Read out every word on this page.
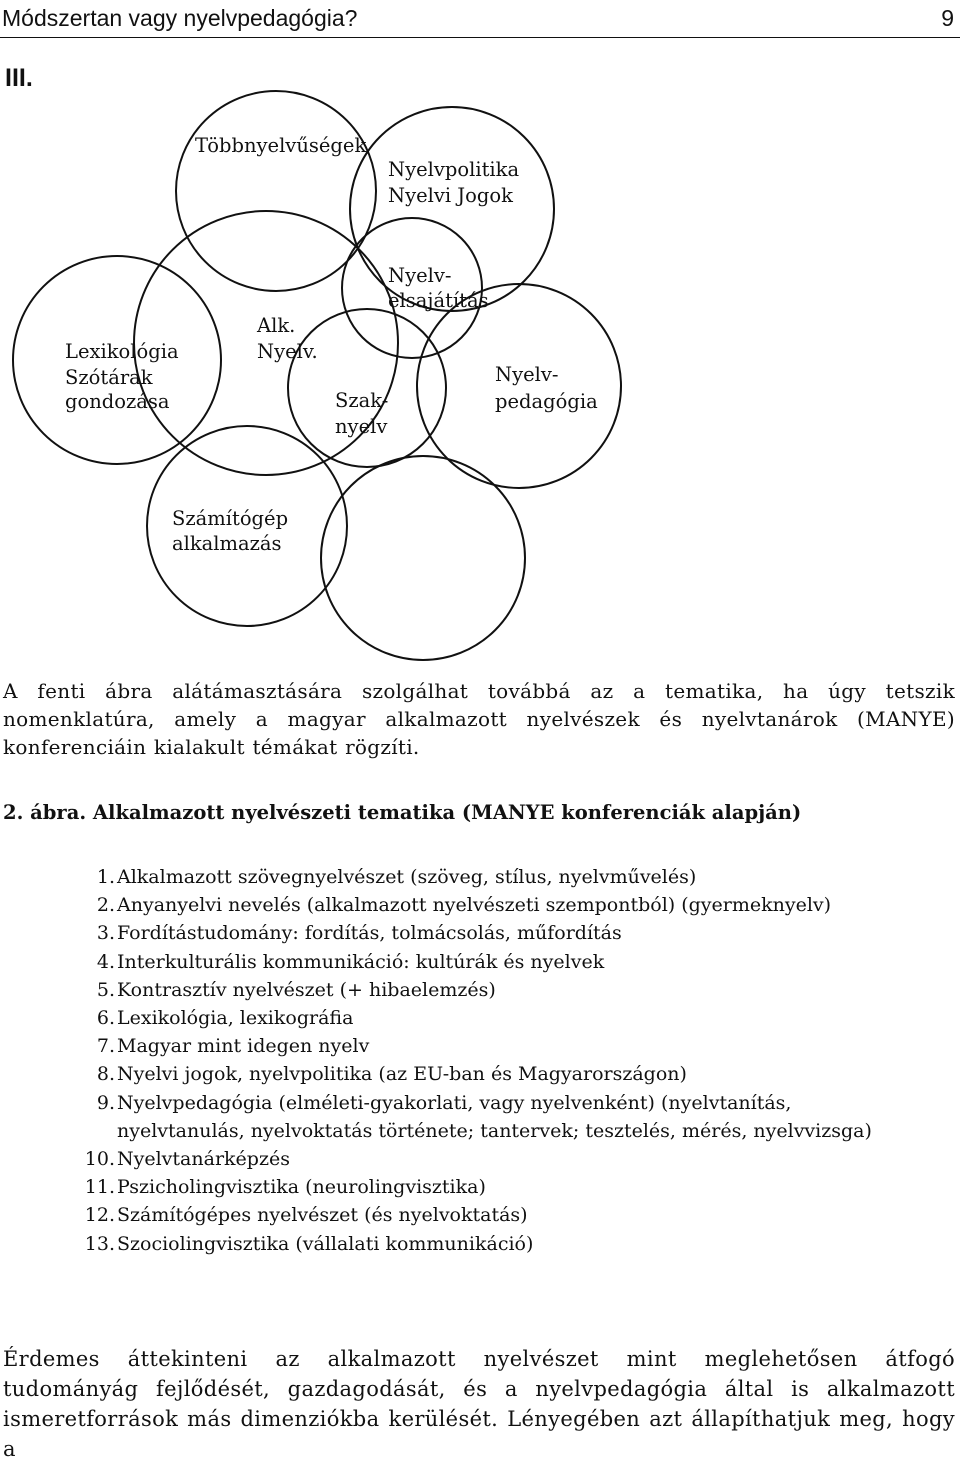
Módszertan vagy nyelvpedagógia?	9
III.
Többnyelvűségek
Nyelvpolitika
Nyelvi Jogok
Lexikológia
Szótárak
gondozása
Alk.
Nyelv.
Nyelv-
elsajátítás
Szak-
nyelv
Nyelv-
pedagógia
Számítógép
alkalmazás
A fenti ábra alátámasztására szolgálhat továbbá az a tematika, ha úgy tetszik nomenklatúra, amely a magyar alkalmazott nyelvészek és nyelvtanárok (MANYE) konferenciáin kialakult témákat rögzíti.
2. ábra. Alkalmazott nyelvészeti tematika (MANYE konferenciák alapján)
1. Alkalmazott szövegnyelvészet (szöveg, stílus, nyelvművelés)
2. Anyanyelvi nevelés (alkalmazott nyelvészeti szempontból) (gyermeknyelv)
3. Fordítástudomány: fordítás, tolmácsolás, műfordítás
4. Interkulturális kommunikáció: kultúrák és nyelvek
5. Kontrasztív nyelvészet (+ hibaelemzés)
6. Lexikológia, lexikográfia
7. Magyar mint idegen nyelv
8. Nyelvi jogok, nyelvpolitika (az EU-ban és Magyarországon)
9. Nyelvpedagógia (elméleti-gyakorlati, vagy nyelvenként) (nyelvtanítás, nyelvtanulás, nyelvoktatás története; tantervek; tesztelés, mérés, nyelvvizsga)
10. Nyelvtanárképzés
11. Pszicholingvisztika (neurolingvisztika)
12. Számítógépes nyelvészet (és nyelvoktatás)
13. Szociolingvisztika (vállalati kommunikáció)
Érdemes áttekinteni az alkalmazott nyelvészet mint meglehetősen átfogó tudományág fejlődését, gazdagodását, és a nyelvpedagógia által is alkalmazott ismeretforrások más dimenziókba kerülését. Lényegében azt állapíthatjuk meg, hogy a
